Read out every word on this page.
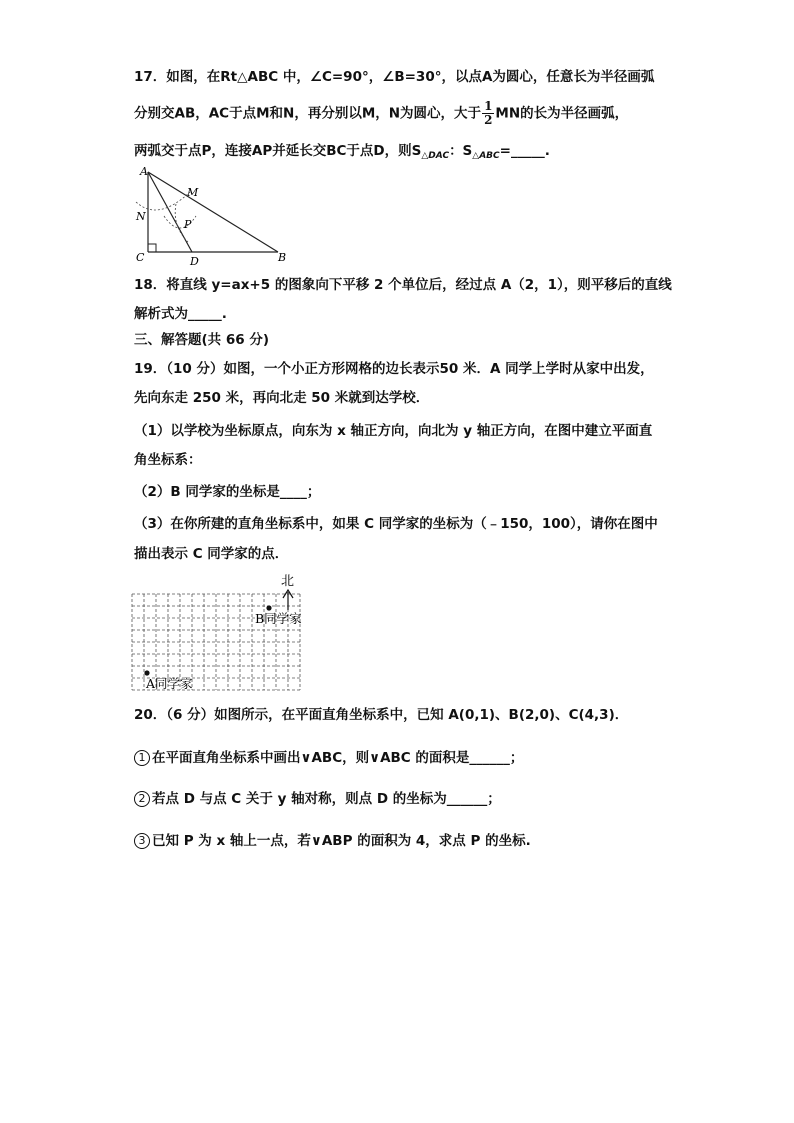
17．如图，在Rt△ABC 中，∠C=90°，∠B=30°，以点A为圆心，任意长为半径画弧
分别交AB，AC于点M和N，再分别以M，N为圆心，大于 $\frac{1}{2}$ MN的长为半径画弧，
两弧交于点P，连接AP并延长交BC于点D，则$S_{\triangle DAC}$：$S_{\triangle ABC}=\_\_\_\_\_$.
A
M
N
P
C	D	B
18．将直线 y=ax+5 的图象向下平移 2 个单位后，经过点 A（2，1），则平移后的直线
解析式为_____.
三、解答题(共 66 分)
19．（10 分）如图，一个小正方形网格的边长表示50 米．A 同学上学时从家中出发，
先向东走 250 米，再向北走 50 米就到达学校．
（1）以学校为坐标原点，向东为 x 轴正方向，向北为 y 轴正方向，在图中建立平面直
角坐标系：
（2）B 同学家的坐标是____；
（3）在你所建的直角坐标系中，如果 C 同学家的坐标为（﹣150，100），请你在图中
描出表示 C 同学家的点．
北
B同学家
A同学家
20．（6 分）如图所示，在平面直角坐标系中，已知 A(0,1)、B(2,0)、C(4,3)．
1 在平面直角坐标系中画出∨ABC，则∨ABC 的面积是______；
2 若点 D 与点 C 关于 y 轴对称，则点 D 的坐标为______；
3 已知 P 为 x 轴上一点，若∨ABP 的面积为 4，求点 P 的坐标.
